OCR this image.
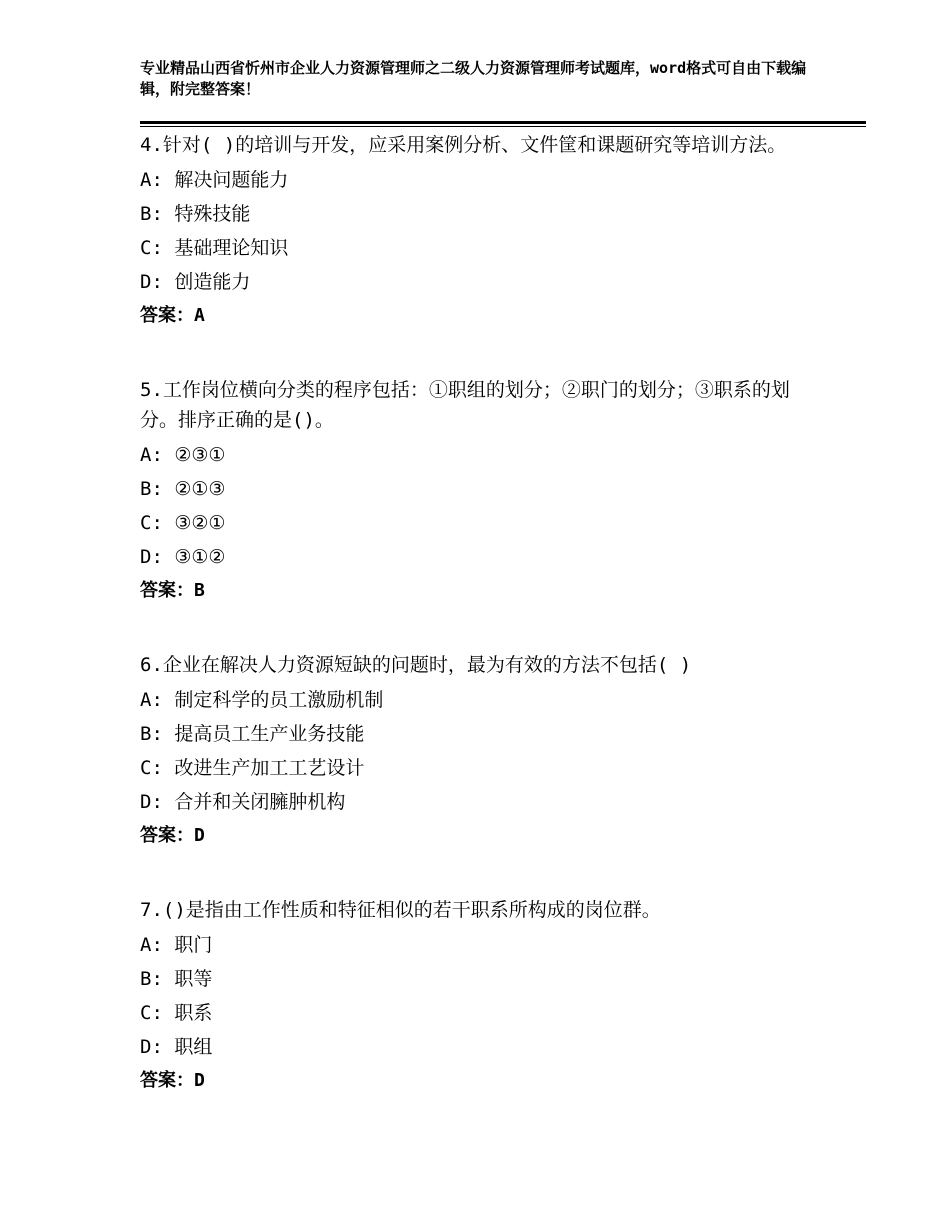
专业精品山西省忻州市企业人力资源管理师之二级人力资源管理师考试题库，word格式可自由下载编辑，附完整答案！
4.针对( )的培训与开发，应采用案例分析、文件筐和课题研究等培训方法。
A: 解决问题能力
B: 特殊技能
C: 基础理论知识
D: 创造能力
答案：A
5.工作岗位横向分类的程序包括：①职组的划分；②职门的划分；③职系的划分。排序正确的是()。
A: ②③①
B: ②①③
C: ③②①
D: ③①②
答案：B
6.企业在解决人力资源短缺的问题时，最为有效的方法不包括( )
A: 制定科学的员工激励机制
B: 提高员工生产业务技能
C: 改进生产加工工艺设计
D: 合并和关闭臃肿机构
答案：D
7.()是指由工作性质和特征相似的若干职系所构成的岗位群。
A: 职门
B: 职等
C: 职系
D: 职组
答案：D
